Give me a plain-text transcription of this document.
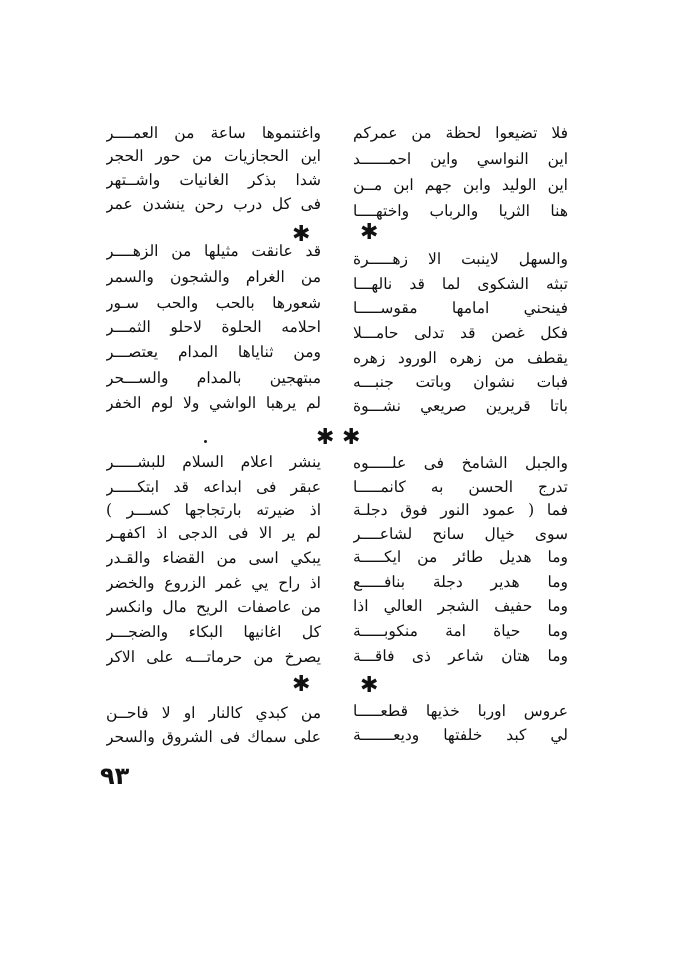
فلا تضيعوا لحظة من عمركم
اين النواسي واين احمــــــد
اين الوليد وابن جهم ابن مــن
هنا الثريا والرباب واختهــــا
والسهل لاينبت الا زهـــــرة
تبثه الشكوى لما قد نالهـــا
فينحني امامها مقوســـــا
فكل غصن قد تدلى حامـــلا
يقطف من زهره الورود زهره
فبات نشوان وباتت جنبـــه
باتا قريرين صريعي نشـــوة
والجبل الشامخ فى علـــــوه
تدرج الحسن به كانمـــــا
فما ( عمود النور فوق دجلـة
سوى خيال سانح لشاعــــر
وما هديل طائر من ايكـــــة
وما هدير دجلة بنافـــــع
وما حفيف الشجر العالي اذا
وما حياة امة منكوبـــــة
وما هتان شاعر ذى فاقـــة
عروس اوربا خذيها قطعـــــا
لي كبد خلفتها وديعـــــــة
واغتنموها ساعة من العمــــر
اين الحجازيات من حور الحجر
شدا بذكر الغانيات واشــتهر
فى كل درب رحن ينشدن عمر
قد عانقت مثيلها من الزهــــر
من الغرام والشجون والسمر
شعورها بالحب والحب سـور
احلامه الحلوة لاحلو الثمـــر
ومن ثناياها المدام يعتصـــر
مبتهجين بالمدام والســـحر
لم يرهبا الواشي ولا لوم الخفر
ينشر اعلام السلام للبشـــــر
عبقر فى ابداعه قد ابتكـــــر
اذ ضيرته بارتجاجها كســـر )
لم ير الا فى الدجى اذ اكفهـر
يبكي اسى من القضاء والقـدر
اذ راح يي غمر الزروع والخضر
من عاصفات الريح مال وانكسر
كل اغانيها البكاء والضجـــر
يصرخ من حرماتـــه على الاكر
من كبدي كالنار او لا فاحــن
على سماك فى الشروق والسحر
✱
✱
✱ ✱
✱
✱
٩٣
